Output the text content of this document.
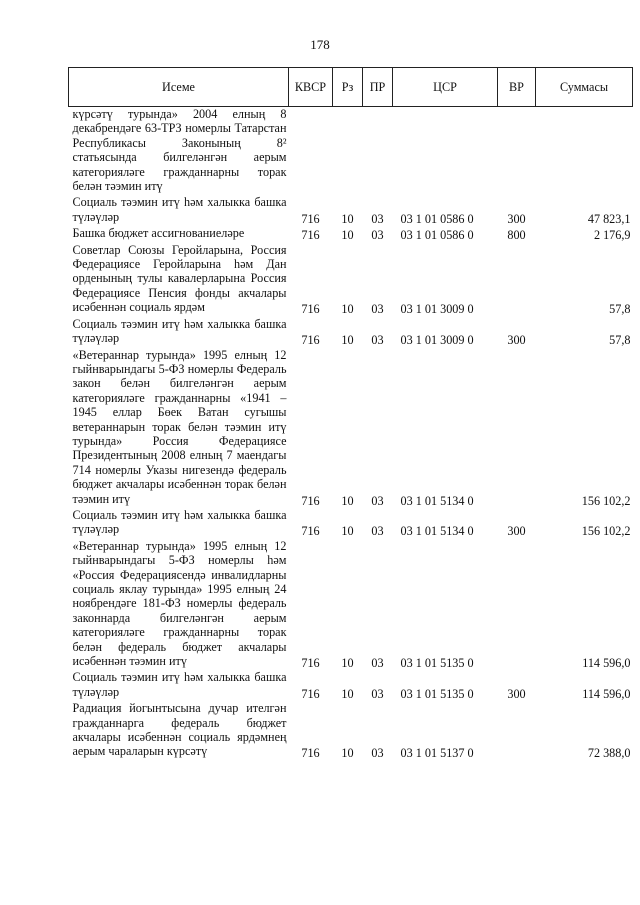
178
Исеме	КВСР	Рз	ПР	ЦСР	ВР	Суммасы
күрсәтү турында» 2004 елның 8 декабрендәге 63-ТРЗ номерлы Татарстан Республикасы Законының 8² статьясында билгеләнгән аерым категорияләге гражданнарны торак белән тәэмин итү						
Социаль тәэмин итү һәм халыкка башка түләүләр	716	10	03	03 1 01 0586 0	300	47 823,1
Башка бюджет ассигнованиеләре	716	10	03	03 1 01 0586 0	800	2 176,9
Советлар Союзы Геройларына, Россия Федерациясе Геройларына һәм Дан орденының тулы кавалерларына Россия Федерациясе Пенсия фонды акчалары исәбеннән социаль ярдәм	716	10	03	03 1 01 3009 0		57,8
Социаль тәэмин итү һәм халыкка башка түләүләр	716	10	03	03 1 01 3009 0	300	57,8
«Ветераннар турында» 1995 елның 12 гыйнварындагы 5-ФЗ номерлы Федераль закон белән билгеләнгән аерым категорияләге гражданнарны «1941 – 1945 еллар Бөек Ватан сугышы ветераннарын торак белән тәэмин итү турында» Россия Федерациясе Президентының 2008 елның 7 маендагы 714 номерлы Указы нигезендә федераль бюджет акчалары исәбеннән торак белән тәэмин итү	716	10	03	03 1 01 5134 0		156 102,2
Социаль тәэмин итү һәм халыкка башка түләүләр	716	10	03	03 1 01 5134 0	300	156 102,2
«Ветераннар турында» 1995 елның 12 гыйнварындагы 5-ФЗ номерлы һәм «Россия Федерациясендә инвалидларны социаль яклау турында» 1995 елның 24 ноябрендәге 181-ФЗ номерлы федераль законнарда билгеләнгән аерым категорияләге гражданнарны торак белән федераль бюджет акчалары исәбеннән тәэмин итү	716	10	03	03 1 01 5135 0		114 596,0
Социаль тәэмин итү һәм халыкка башка түләүләр	716	10	03	03 1 01 5135 0	300	114 596,0
Радиация йогынтысына дучар ителгән гражданнарга федераль бюджет акчалары исәбеннән социаль ярдәмнең аерым чараларын күрсәтү	716	10	03	03 1 01 5137 0		72 388,0
